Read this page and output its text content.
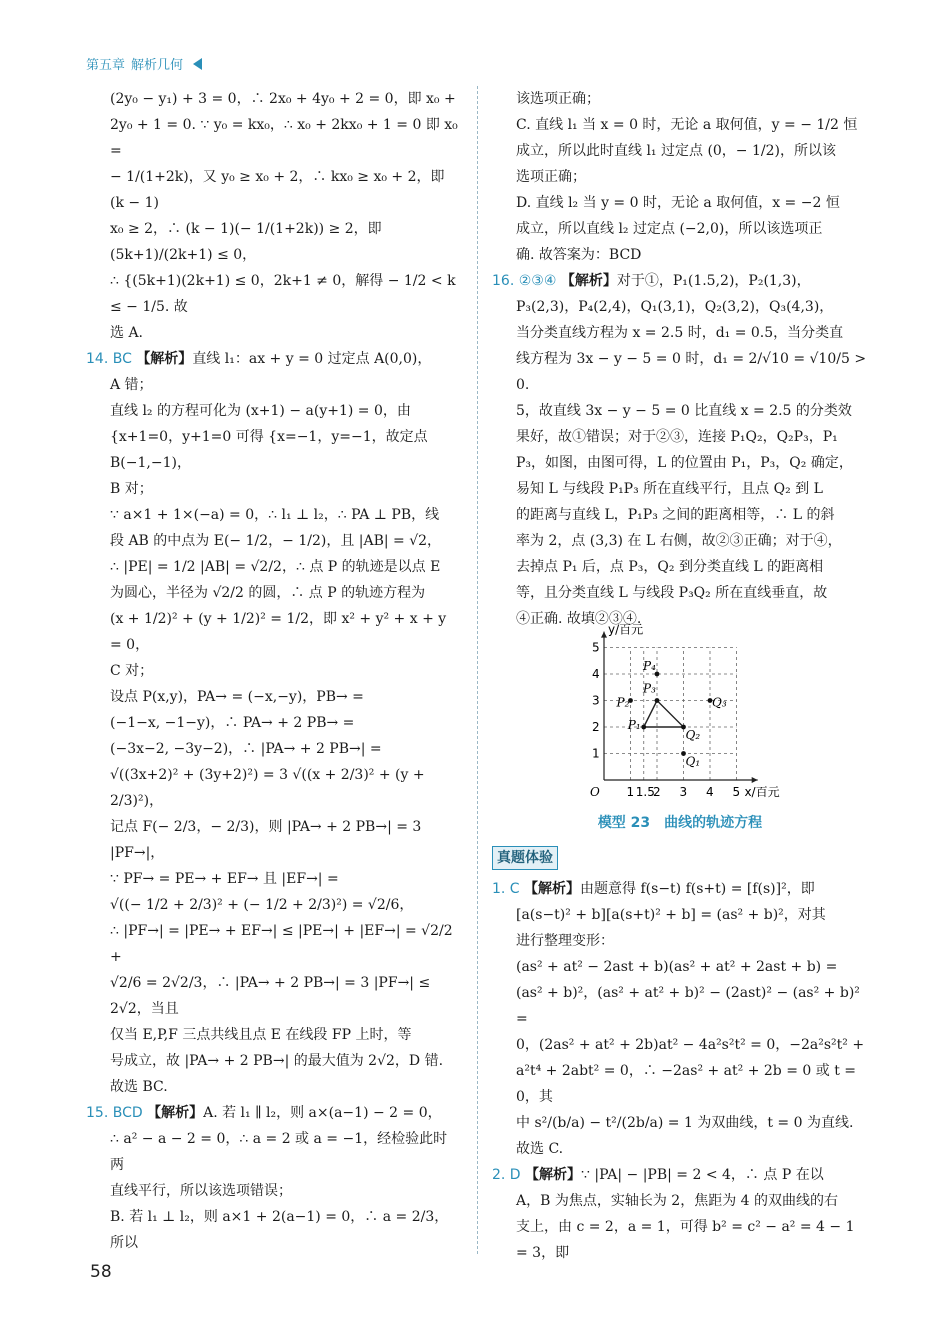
第五章 解析几何

(2y₀ − y₁) + 3 = 0，∴ 2x₀ + 4y₀ + 2 = 0，即 x₀ +

2y₀ + 1 = 0. ∵ y₀ = kx₀，∴ x₀ + 2kx₀ + 1 = 0 即 x₀ =

− 1/(1+2k)，又 y₀ ≥ x₀ + 2，∴ kx₀ ≥ x₀ + 2，即 (k − 1)

x₀ ≥ 2，∴ (k − 1)(− 1/(1+2k)) ≥ 2，即 (5k+1)/(2k+1) ≤ 0，

∴ {(5k+1)(2k+1) ≤ 0，2k+1 ≠ 0，解得 − 1/2 < k ≤ − 1/5. 故

选 A.

14. BC 【解析】直线 l₁：ax + y = 0 过定点 A(0,0)，

A 错；

直线 l₂ 的方程可化为 (x+1) − a(y+1) = 0，由

{x+1=0，y+1=0 可得 {x=−1，y=−1，故定点 B(−1,−1)，

B 对；

∵ a×1 + 1×(−a) = 0，∴ l₁ ⊥ l₂，∴ PA ⊥ PB，线

段 AB 的中点为 E(− 1/2，− 1/2)，且 |AB| = √2，

∴ |PE| = 1/2 |AB| = √2/2，∴ 点 P 的轨迹是以点 E

为圆心，半径为 √2/2 的圆，∴ 点 P 的轨迹方程为

(x + 1/2)² + (y + 1/2)² = 1/2，即 x² + y² + x + y = 0，

C 对；

设点 P(x,y)，PA→ = (−x,−y)，PB→ =

(−1−x, −1−y)，∴ PA→ + 2 PB→ =

(−3x−2, −3y−2)，∴ |PA→ + 2 PB→| =

√((3x+2)² + (3y+2)²) = 3 √((x + 2/3)² + (y + 2/3)²)，

记点 F(− 2/3，− 2/3)，则 |PA→ + 2 PB→| = 3 |PF→|，

∵ PF→ = PE→ + EF→ 且 |EF→| =

√((− 1/2 + 2/3)² + (− 1/2 + 2/3)²) = √2/6，

∴ |PF→| = |PE→ + EF→| ≤ |PE→| + |EF→| = √2/2 +

√2/6 = 2√2/3，∴ |PA→ + 2 PB→| = 3 |PF→| ≤ 2√2，当且

仅当 E,P,F 三点共线且点 E 在线段 FP 上时，等

号成立，故 |PA→ + 2 PB→| 的最大值为 2√2，D 错.

故选 BC.

15. BCD 【解析】A. 若 l₁ ∥ l₂，则 a×(a−1) − 2 = 0，

∴ a² − a − 2 = 0，∴ a = 2 或 a = −1，经检验此时两

直线平行，所以该选项错误；

B. 若 l₁ ⊥ l₂，则 a×1 + 2(a−1) = 0，∴ a = 2/3，所以

该选项正确；

C. 直线 l₁ 当 x = 0 时，无论 a 取何值，y = − 1/2 恒

成立，所以此时直线 l₁ 过定点 (0，− 1/2)，所以该

选项正确；

D. 直线 l₂ 当 y = 0 时，无论 a 取何值，x = −2 恒

成立，所以直线 l₂ 过定点 (−2,0)，所以该选项正

确. 故答案为：BCD

16. ②③④ 【解析】对于①，P₁(1.5,2)，P₂(1,3)，

P₃(2,3)，P₄(2,4)，Q₁(3,1)，Q₂(3,2)，Q₃(4,3)，

当分类直线方程为 x = 2.5 时，d₁ = 0.5，当分类直

线方程为 3x − y − 5 = 0 时，d₁ = 2/√10 = √10/5 > 0.

5，故直线 3x − y − 5 = 0 比直线 x = 2.5 的分类效

果好，故①错误；对于②③，连接 P₁Q₂，Q₂P₃，P₁

P₃，如图，由图可得，L 的位置由 P₁，P₃，Q₂ 确定，

易知 L 与线段 P₁P₃ 所在直线平行，且点 Q₂ 到 L

的距离与直线 L，P₁P₃ 之间的距离相等，∴ L 的斜

率为 2，点 (3,3) 在 L 右侧，故②③正确；对于④，

去掉点 P₁ 后，点 P₃，Q₂ 到分类直线 L 的距离相

等，且分类直线 L 与线段 P₃Q₂ 所在直线垂直，故

④正确. 故填②③④.

y/百元
x/百元
O 1 1.5
2 3 4 5
1
2
3
4
5
P₁
P₂
P₃
P₄
Q₁
Q₂
Q₃
模型 23　曲线的轨迹方程
真题体验

1. C 【解析】由题意得 f(s−t) f(s+t) = [f(s)]²，即

[a(s−t)² + b][a(s+t)² + b] = (as² + b)²，对其

进行整理变形：

(as² + at² − 2ast + b)(as² + at² + 2ast + b) =

(as² + b)²，(as² + at² + b)² − (2ast)² − (as² + b)² =

0，(2as² + at² + 2b)at² − 4a²s²t² = 0，−2a²s²t² +

a²t⁴ + 2abt² = 0，∴ −2as² + at² + 2b = 0 或 t = 0，其

中 s²/(b/a) − t²/(2b/a) = 1 为双曲线，t = 0 为直线. 故选 C.

2. D 【解析】∵ |PA| − |PB| = 2 < 4，∴ 点 P 在以

A，B 为焦点，实轴长为 2，焦距为 4 的双曲线的右

支上，由 c = 2，a = 1，可得 b² = c² − a² = 4 − 1 = 3，即

58
